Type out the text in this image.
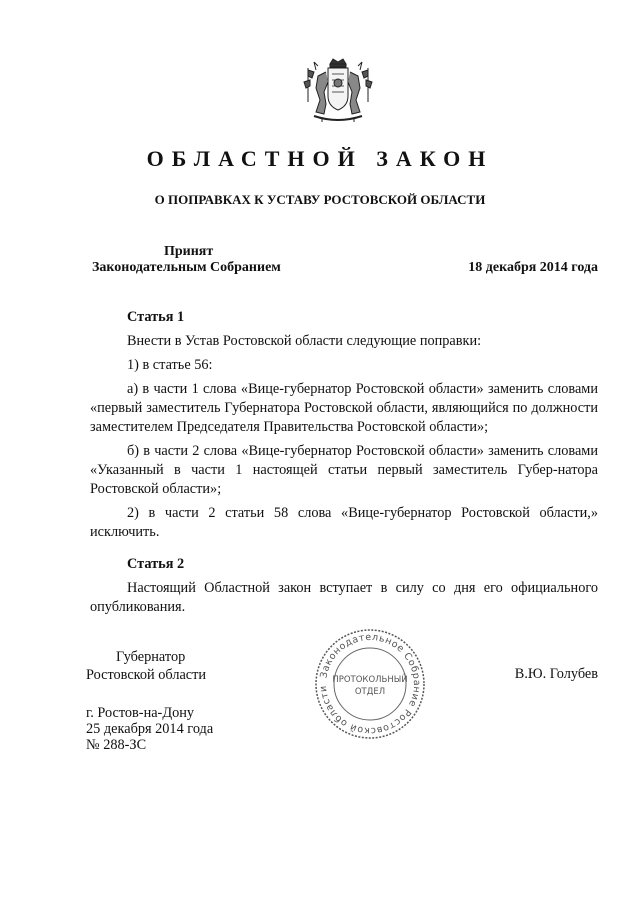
ОБЛАСТНОЙ ЗАКОН
О ПОПРАВКАХ К УСТАВУ РОСТОВСКОЙ ОБЛАСТИ
Принят
Законодательным Собранием	18 декабря 2014 года

Статья 1

Внести в Устав Ростовской области следующие поправки:

1) в статье 56:

а) в части 1 слова «Вице-губернатор Ростовской области» заменить словами «первый заместитель Губернатора Ростовской области, являющийся по должности заместителем Председателя Правительства Ростовской области»;

б) в части 2 слова «Вице-губернатор Ростовской области» заменить словами «Указанный в части 1 настоящей статьи первый заместитель Губер-натора Ростовской области»;

2) в части 2 статьи 58 слова «Вице-губернатор Ростовской области,» исключить.

Статья 2

Настоящий Областной закон вступает в силу со дня его официального опубликования.

Губернатор
Ростовской области	В.Ю. Голубев
г. Ростов-на-Дону
25 декабря 2014 года
№ 288-ЗС
Законодательное Собрание Ростовской области
ПРОТОКОЛЬНЫЙ
ОТДЕЛ
